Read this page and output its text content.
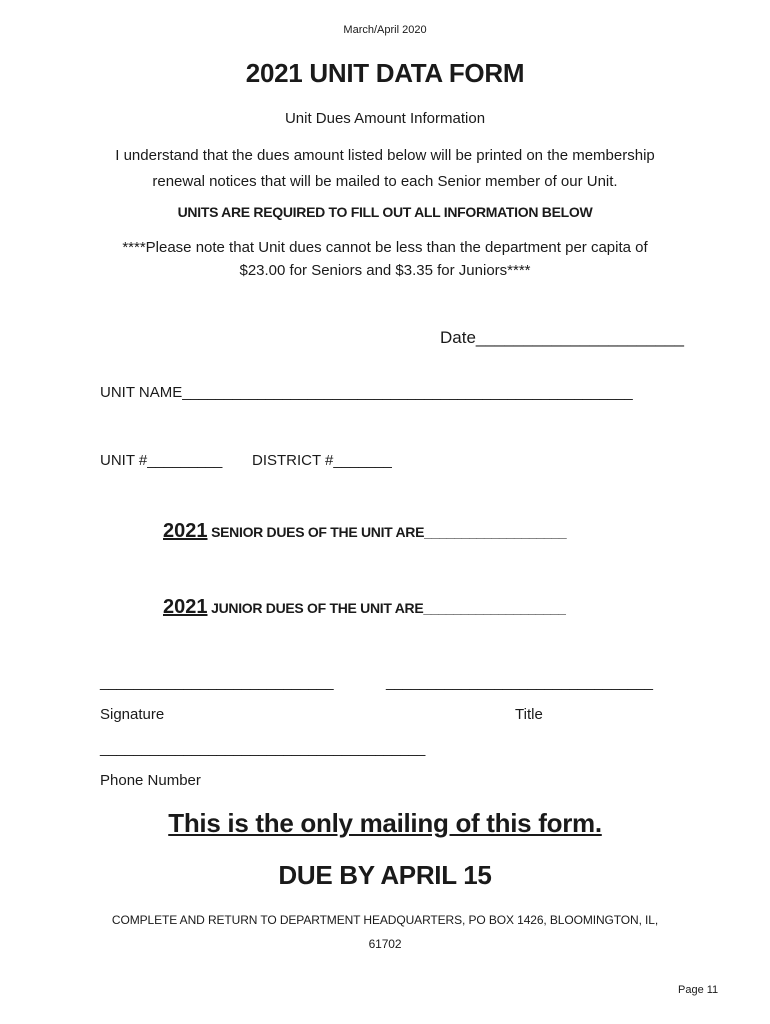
March/April 2020
2021 UNIT DATA FORM
Unit Dues Amount Information
I understand that the dues amount listed below will be printed on the membership
renewal notices that will be mailed to each Senior member of our Unit.
UNITS ARE REQUIRED TO FILL OUT ALL INFORMATION BELOW
****Please note that Unit dues cannot be less than the department per capita of
$23.00 for Seniors and $3.35 for Juniors****
Date______________________
UNIT NAME______________________________________________________
UNIT #_________ DISTRICT #_______
2021 SENIOR DUES OF THE UNIT ARE___________________
2021 JUNIOR DUES OF THE UNIT ARE___________________
____________________________	________________________________
Signature	Title
_______________________________________
Phone Number
This is the only mailing of this form.
DUE BY APRIL 15
COMPLETE AND RETURN TO DEPARTMENT HEADQUARTERS, PO BOX 1426, BLOOMINGTON, IL,
61702
Page 11
